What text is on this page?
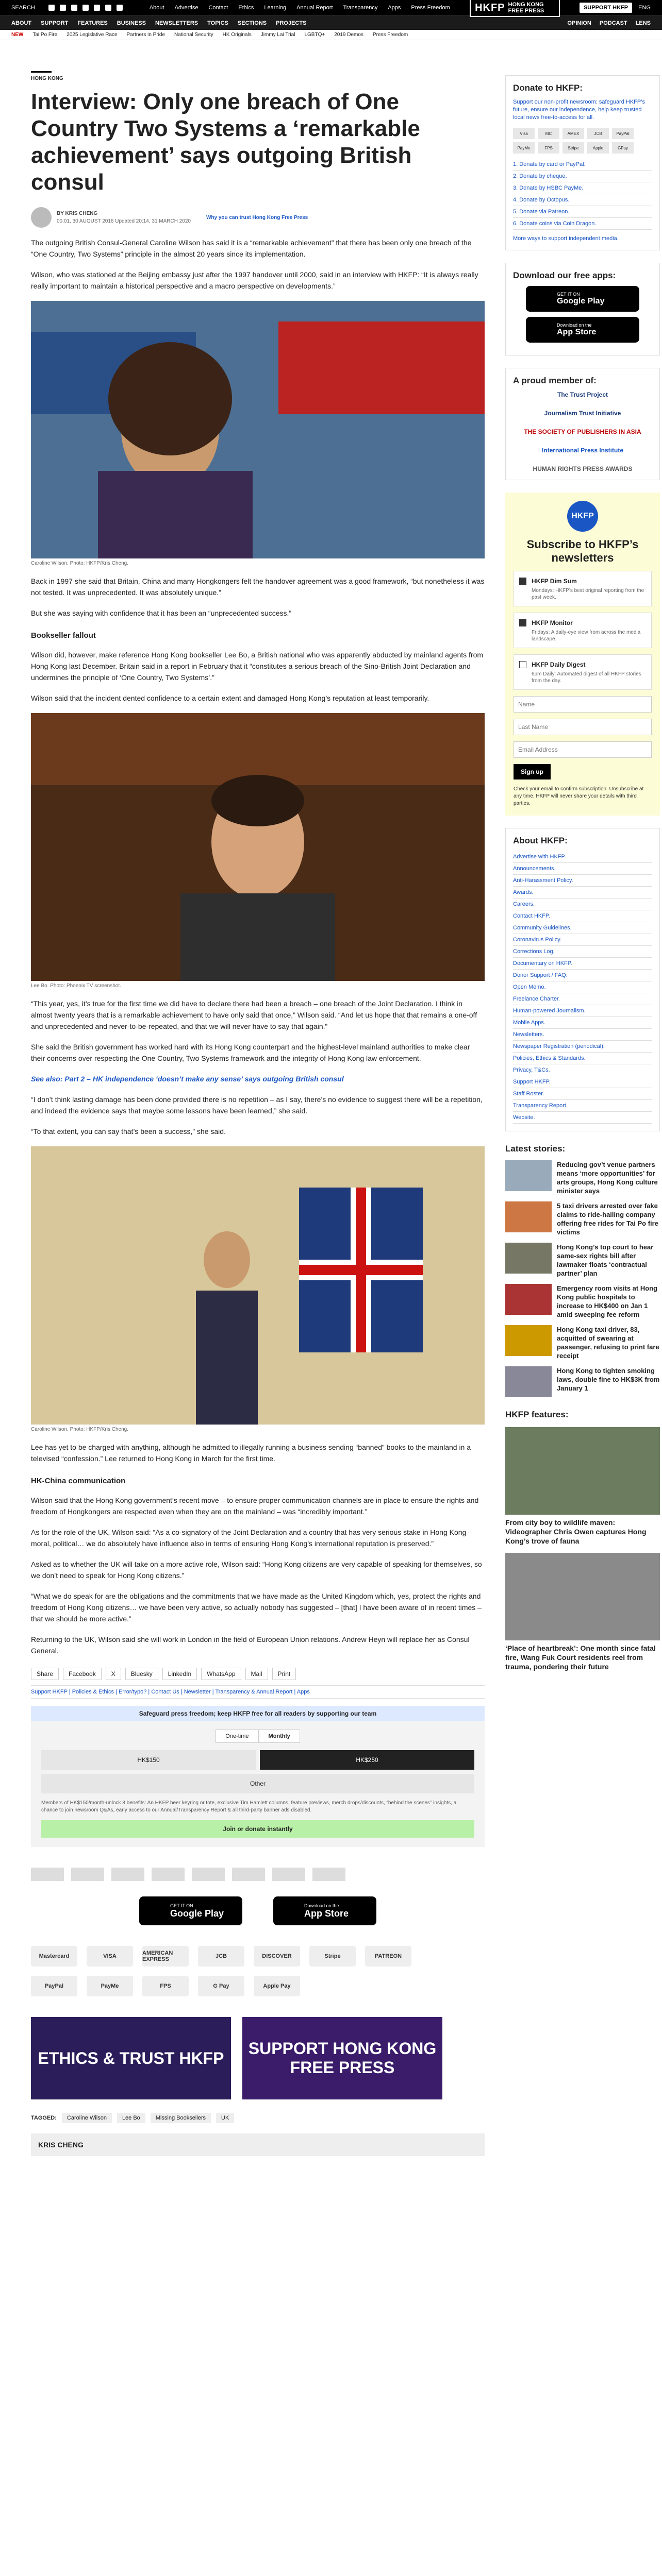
SEARCH	About Advertise Contact Ethics Learning Annual Report Transparency Apps Press Freedom HKFP HONG KONG FREE PRESS	SUPPORT HKFP	ENG
ABOUT SUPPORT FEATURES BUSINESS NEWSLETTERS TOPICS SECTIONS PROJECTS	OPINION PODCAST LENS
NEW Tai Po Fire 2025 Legislative Race Partners in Pride National Security HK Originals Jimmy Lai Trial LGBTQ+ 2019 Demos Press Freedom
HONG KONG
Interview: Only one breach of One Country Two Systems a ‘remarkable achievement’ says outgoing British consul
BY KRIS CHENG
00:01, 30 AUGUST 2016 Updated 20:14, 31 MARCH 2020
Why you can trust Hong Kong Free Press

The outgoing British Consul-General Caroline Wilson has said it is a “remarkable achievement” that there has been only one breach of the “One Country, Two Systems” principle in the almost 20 years since its implementation.

Wilson, who was stationed at the Beijing embassy just after the 1997 handover until 2000, said in an interview with HKFP: “It is always really really important to maintain a historical perspective and a macro perspective on developments.”

Caroline Wilson. Photo: HKFP/Kris Cheng.

Back in 1997 she said that Britain, China and many Hongkongers felt the handover agreement was a good framework, “but nonetheless it was not tested. It was unprecedented. It was absolutely unique.”

But she was saying with confidence that it has been an “unprecedented success.”

Bookseller fallout

Wilson did, however, make reference Hong Kong bookseller Lee Bo, a British national who was apparently abducted by mainland agents from Hong Kong last December. Britain said in a report in February that it “constitutes a serious breach of the Sino-British Joint Declaration and undermines the principle of ‘One Country, Two Systems’.”

Wilson said that the incident dented confidence to a certain extent and damaged Hong Kong’s reputation at least temporarily.

Lee Bo. Photo: Phoenix TV screenshot.

“This year, yes, it’s true for the first time we did have to declare there had been a breach – one breach of the Joint Declaration. I think in almost twenty years that is a remarkable achievement to have only said that once,” Wilson said. “And let us hope that that remains a one-off and unprecedented and never-to-be-repeated, and that we will never have to say that again.”

She said the British government has worked hard with its Hong Kong counterpart and the highest-level mainland authorities to make clear their concerns over respecting the One Country, Two Systems framework and the integrity of Hong Kong law enforcement.

See also: Part 2 – HK independence ‘doesn’t make any sense’ says outgoing British consul

“I don’t think lasting damage has been done provided there is no repetition – as I say, there’s no evidence to suggest there will be a repetition, and indeed the evidence says that maybe some lessons have been learned,” she said.

“To that extent, you can say that’s been a success,” she said.

Caroline Wilson. Photo: HKFP/Kris Cheng.

Lee has yet to be charged with anything, although he admitted to illegally running a business sending “banned” books to the mainland in a televised “confession.” Lee returned to Hong Kong in March for the first time.

HK-China communication

Wilson said that the Hong Kong government’s recent move – to ensure proper communication channels are in place to ensure the rights and freedom of Hongkongers are respected even when they are on the mainland – was “incredibly important.”

As for the role of the UK, Wilson said: “As a co-signatory of the Joint Declaration and a country that has very serious stake in Hong Kong – moral, political… we do absolutely have influence also in terms of ensuring Hong Kong’s international reputation is preserved.”

Asked as to whether the UK will take on a more active role, Wilson said: “Hong Kong citizens are very capable of speaking for themselves, so we don’t need to speak for Hong Kong citizens.”

“What we do speak for are the obligations and the commitments that we have made as the United Kingdom which, yes, protect the rights and freedom of Hong Kong citizens… we have been very active, so actually nobody has suggested – [that] I have been aware of in recent times – that we should be more active.”

Returning to the UK, Wilson said she will work in London in the field of European Union relations. Andrew Heyn will replace her as Consul General.

Share	Facebook	X	Bluesky	LinkedIn	WhatsApp	Mail	Print
Support HKFP | Policies & Ethics | Error/typo? | Contact Us | Newsletter | Transparency & Annual Report | Apps
Safeguard press freedom; keep HKFP free for all readers by supporting our team
One-time	Monthly
HK$150	HK$250
Other
Members of HK$150/month-unlock 8 benefits: An HKFP beer keyring or tote, exclusive Tim Hamlett columns, feature previews, merch drops/discounts, “behind the scenes” insights, a chance to join newsroom Q&As, early access to our Annual/Transparency Report & all third-party banner ads disabled.
Join or donate instantly
GET IT ON
Google Play
Download on the
App Store
Mastercard	VISA	AMERICAN EXPRESS	JCB	DISCOVER	Stripe	PATREON
PayPal	PayMe	FPS	G Pay	Apple Pay
ETHICS & TRUST HKFP
SUPPORT HONG KONG FREE PRESS
TAGGED:	Caroline Wilson	Lee Bo	Missing Booksellers	UK
KRIS CHENG
Donate to HKFP:
Support our non-profit newsroom: safeguard HKFP’s future, ensure our independence, help keep trusted local news free-to-access for all.
Visa	MC	AMEX	JCB	PayPal
PayMe	FPS	Stripe	Apple	GPay
1. Donate by card or PayPal.
2. Donate by cheque.
3. Donate by HSBC PayMe.
4. Donate by Octopus.
5. Donate via Patreon.
6. Donate coins via Coin Dragon.
More ways to support independent media.
Download our free apps:
GET IT ON
Google Play
Download on the
App Store
A proud member of:
The Trust Project
Journalism Trust Initiative
THE SOCIETY OF PUBLISHERS IN ASIA
International Press Institute
HUMAN RIGHTS PRESS AWARDS
HKFP
Subscribe to HKFP’s newsletters
HKFP Dim Sum
Mondays: HKFP’s best original reporting from the past week.
HKFP Monitor
Fridays: A daily-eye view from across the media landscape.
HKFP Daily Digest
6pm Daily: Automated digest of all HKFP stories from the day.
Name Last Name Email Address Sign up
Check your email to confirm subscription. Unsubscribe at any time. HKFP will never share your details with third parties.
About HKFP:
Advertise with HKFP.
Announcements.
Anti-Harassment Policy.
Awards.
Careers.
Contact HKFP.
Community Guidelines.
Coronavirus Policy.
Corrections Log.
Documentary on HKFP.
Donor Support / FAQ.
Open Memo.
Freelance Charter.
Human-powered Journalism.
Mobile Apps.
Newsletters.
Newspaper Registration (periodical).
Policies, Ethics & Standards.
Privacy, T&Cs.
Support HKFP.
Staff Roster.
Transparency Report.
Website.
Latest stories:
Reducing gov’t venue partners means ‘more opportunities’ for arts groups, Hong Kong culture minister says
5 taxi drivers arrested over fake claims to ride-hailing company offering free rides for Tai Po fire victims
Hong Kong’s top court to hear same-sex rights bill after lawmaker floats ‘contractual partner’ plan
Emergency room visits at Hong Kong public hospitals to increase to HK$400 on Jan 1 amid sweeping fee reform
Hong Kong taxi driver, 83, acquitted of swearing at passenger, refusing to print fare receipt
Hong Kong to tighten smoking laws, double fine to HK$3K from January 1
HKFP features:
From city boy to wildlife maven: Videographer Chris Owen captures Hong Kong’s trove of fauna
‘Place of heartbreak’: One month since fatal fire, Wang Fuk Court residents reel from trauma, pondering their future
